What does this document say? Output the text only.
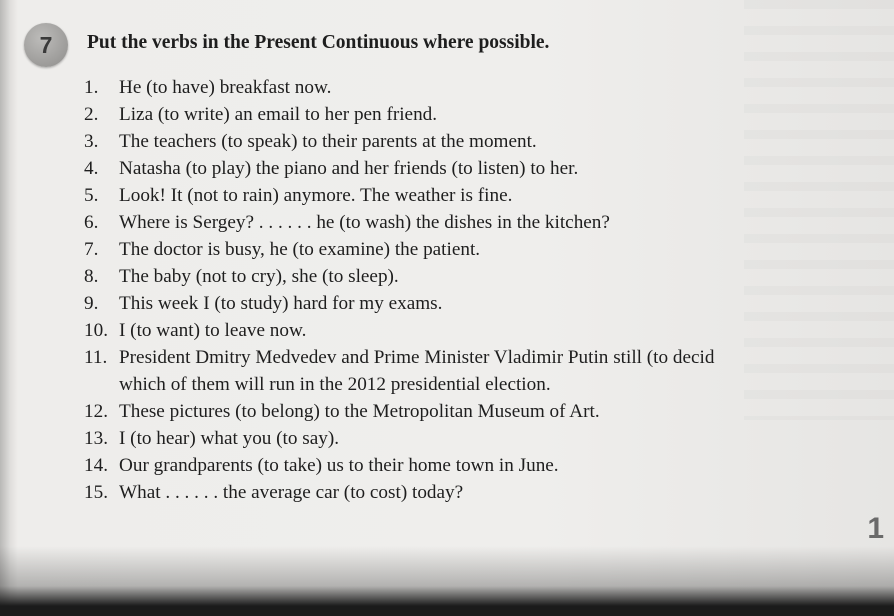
7	Put the verbs in the Present Continuous where possible.
1. He (to have) breakfast now.
2. Liza (to write) an email to her pen friend.
3. The teachers (to speak) to their parents at the moment.
4. Natasha (to play) the piano and her friends (to listen) to her.
5. Look! It (not to rain) anymore. The weather is fine.
6. Where is Sergey? . . . . . . he (to wash) the dishes in the kitchen?
7. The doctor is busy, he (to examine) the patient.
8. The baby (not to cry), she (to sleep).
9. This week I (to study) hard for my exams.
10. I (to want) to leave now.
11. President Dmitry Medvedev and Prime Minister Vladimir Putin still (to decid
which of them will run in the 2012 presidential election.
12. These pictures (to belong) to the Metropolitan Museum of Art.
13. I (to hear) what you (to say).
14. Our grandparents (to take) us to their home town in June.
15. What . . . . . . the average car (to cost) today?
1
